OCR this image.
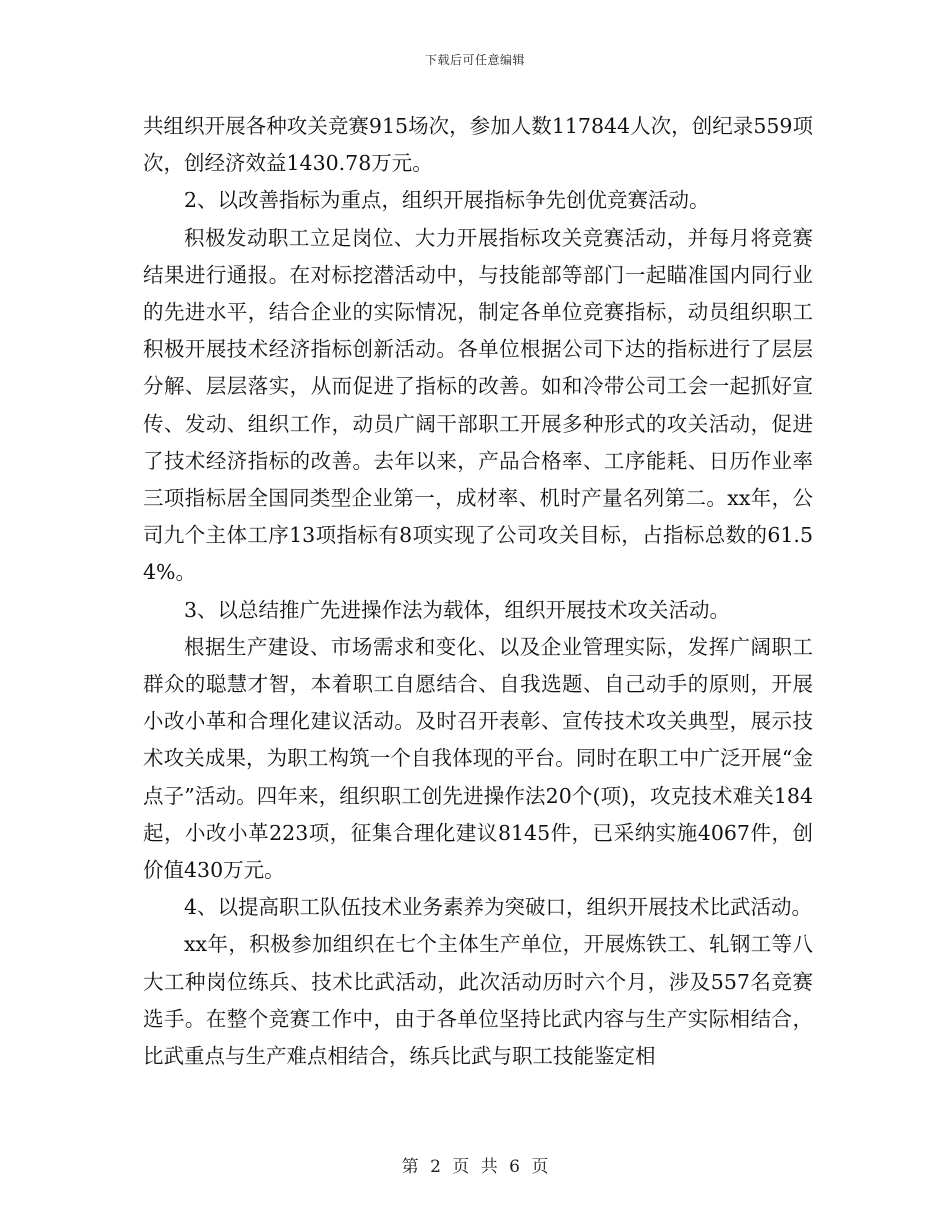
下载后可任意编辑

共组织开展各种攻关竞赛915场次，参加人数117844人次，创纪录559项次，创经济效益1430.78万元。

2、以改善指标为重点，组织开展指标争先创优竞赛活动。

积极发动职工立足岗位、大力开展指标攻关竞赛活动，并每月将竞赛结果进行通报。在对标挖潜活动中，与技能部等部门一起瞄准国内同行业的先进水平，结合企业的实际情况，制定各单位竞赛指标，动员组织职工积极开展技术经济指标创新活动。各单位根据公司下达的指标进行了层层分解、层层落实，从而促进了指标的改善。如和冷带公司工会一起抓好宣传、发动、组织工作，动员广阔干部职工开展多种形式的攻关活动，促进了技术经济指标的改善。去年以来，产品合格率、工序能耗、日历作业率三项指标居全国同类型企业第一，成材率、机时产量名列第二。xx年，公司九个主体工序13项指标有8项实现了公司攻关目标，占指标总数的61.54%。

3、以总结推广先进操作法为载体，组织开展技术攻关活动。

根据生产建设、市场需求和变化、以及企业管理实际，发挥广阔职工群众的聪慧才智，本着职工自愿结合、自我选题、自己动手的原则，开展小改小革和合理化建议活动。及时召开表彰、宣传技术攻关典型，展示技术攻关成果，为职工构筑一个自我体现的平台。同时在职工中广泛开展“金点子”活动。四年来，组织职工创先进操作法20个(项)，攻克技术难关184起，小改小革223项，征集合理化建议8145件，已采纳实施4067件，创价值430万元。

4、以提高职工队伍技术业务素养为突破口，组织开展技术比武活动。

xx年，积极参加组织在七个主体生产单位，开展炼铁工、轧钢工等八大工种岗位练兵、技术比武活动，此次活动历时六个月，涉及557名竞赛选手。在整个竞赛工作中，由于各单位坚持比武内容与生产实际相结合，比武重点与生产难点相结合，练兵比武与职工技能鉴定相

第 2 页 共 6 页
